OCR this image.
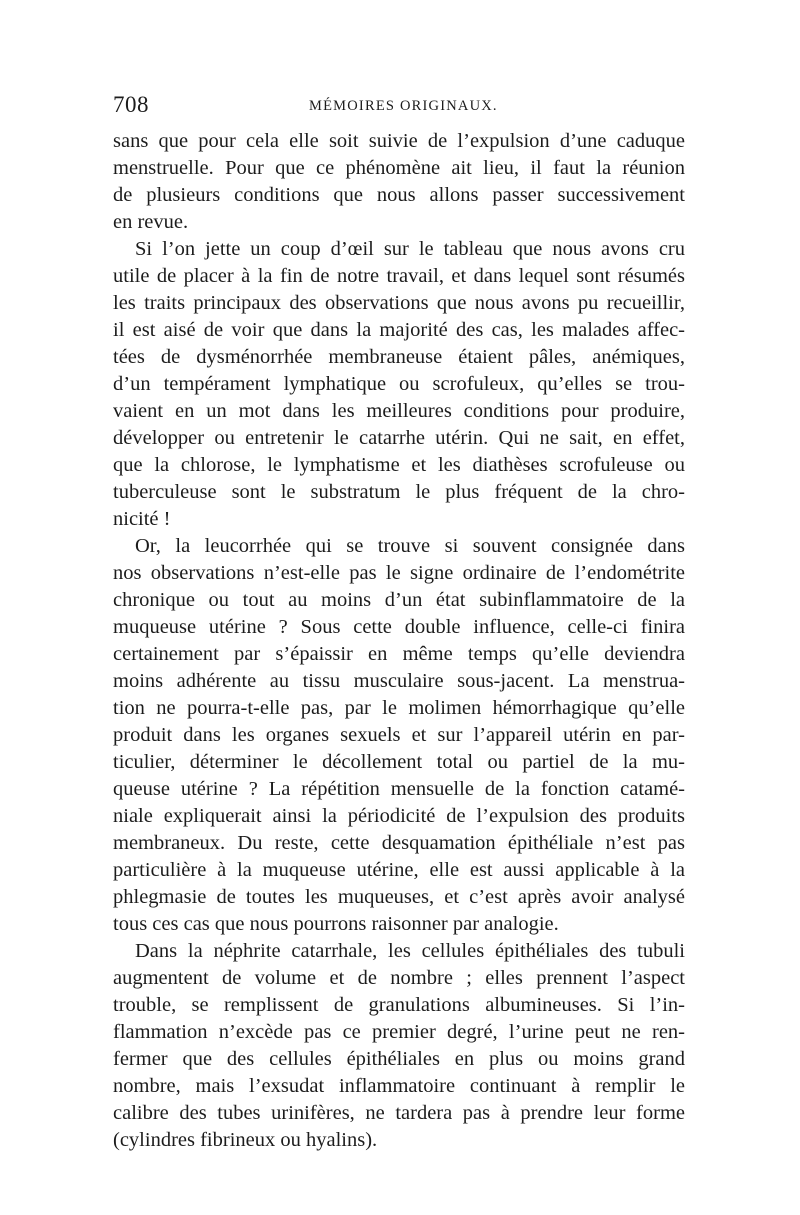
708	MÉMOIRES ORIGINAUX.
sans que pour cela elle soit suivie de l’expulsion d’une caduque
menstruelle. Pour que ce phénomène ait lieu, il faut la réunion
de plusieurs conditions que nous allons passer successivement
en revue.
Si l’on jette un coup d’œil sur le tableau que nous avons cru
utile de placer à la fin de notre travail, et dans lequel sont résumés
les traits principaux des observations que nous avons pu recueillir,
il est aisé de voir que dans la majorité des cas, les malades affec-
tées de dysménorrhée membraneuse étaient pâles, anémiques,
d’un tempérament lymphatique ou scrofuleux, qu’elles se trou-
vaient en un mot dans les meilleures conditions pour produire,
développer ou entretenir le catarrhe utérin. Qui ne sait, en effet,
que la chlorose, le lymphatisme et les diathèses scrofuleuse ou
tuberculeuse sont le substratum le plus fréquent de la chro-
nicité !
Or, la leucorrhée qui se trouve si souvent consignée dans
nos observations n’est-elle pas le signe ordinaire de l’endométrite
chronique ou tout au moins d’un état subinflammatoire de la
muqueuse utérine ? Sous cette double influence, celle-ci finira
certainement par s’épaissir en même temps qu’elle deviendra
moins adhérente au tissu musculaire sous-jacent. La menstrua-
tion ne pourra-t-elle pas, par le molimen hémorrhagique qu’elle
produit dans les organes sexuels et sur l’appareil utérin en par-
ticulier, déterminer le décollement total ou partiel de la mu-
queuse utérine ? La répétition mensuelle de la fonction catamé-
niale expliquerait ainsi la périodicité de l’expulsion des produits
membraneux. Du reste, cette desquamation épithéliale n’est pas
particulière à la muqueuse utérine, elle est aussi applicable à la
phlegmasie de toutes les muqueuses, et c’est après avoir analysé
tous ces cas que nous pourrons raisonner par analogie.
Dans la néphrite catarrhale, les cellules épithéliales des tubuli
augmentent de volume et de nombre ; elles prennent l’aspect
trouble, se remplissent de granulations albumineuses. Si l’in-
flammation n’excède pas ce premier degré, l’urine peut ne ren-
fermer que des cellules épithéliales en plus ou moins grand
nombre, mais l’exsudat inflammatoire continuant à remplir le
calibre des tubes urinifères, ne tardera pas à prendre leur forme
(cylindres fibrineux ou hyalins).
